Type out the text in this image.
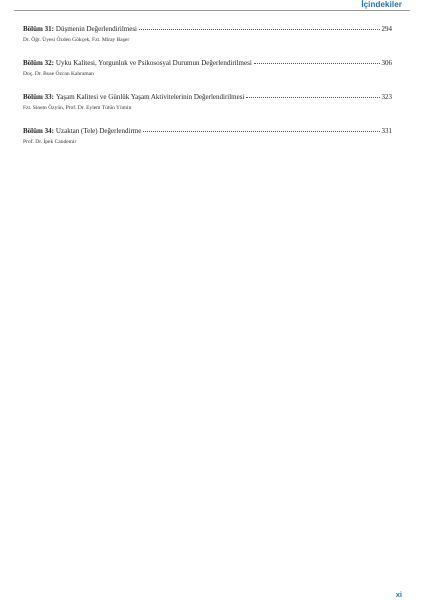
İçindekiler
Bölüm 31: Düşmenin Değerlendirilmesi	294
Dr. Öğr. Üyesi Özden Gökçek, Fzt. Miray Başer
Bölüm 32: Uyku Kalitesi, Yorgunluk ve Psikososyal Durumun Değerlendirilmesi	306
Doç. Dr. Buse Özcan Kahraman
Bölüm 33: Yaşam Kalitesi ve Günlük Yaşam Aktivitelerinin Değerlendirilmesi	323
Fzt. Sinem Özyün, Prof. Dr. Eylem Tütün Yümin
Bölüm 34: Uzaktan (Tele) Değerlendirme	331
Prof. Dr. İpek Candemir
xi
